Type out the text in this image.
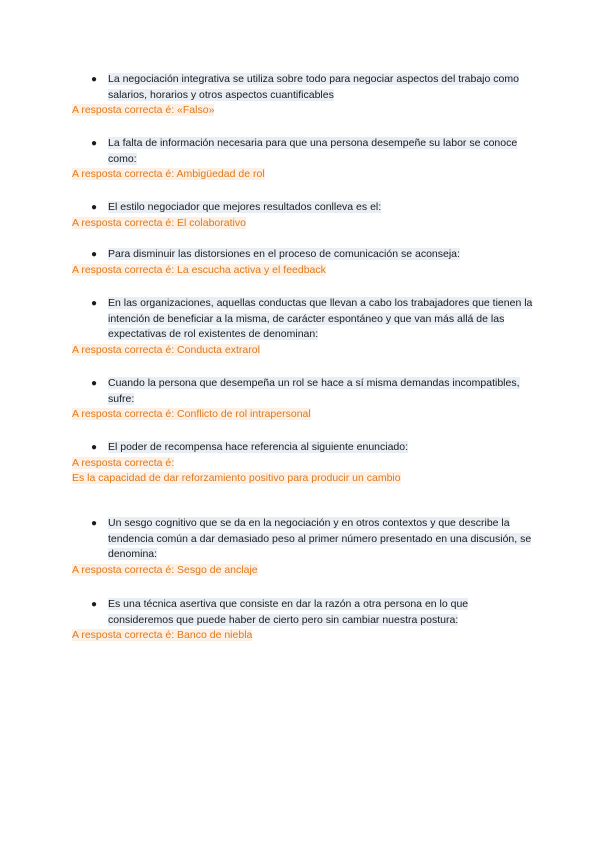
● La negociación integrativa se utiliza sobre todo para negociar aspectos del trabajo como salarios, horarios y otros aspectos cuantificables
A resposta correcta é: «Falso»
● La falta de información necesaria para que una persona desempeñe su labor se conoce como:
A resposta correcta é: Ambigüedad de rol
● El estilo negociador que mejores resultados conlleva es el:
A resposta correcta é: El colaborativo
● Para disminuir las distorsiones en el proceso de comunicación se aconseja:
A resposta correcta é: La escucha activa y el feedback
● En las organizaciones, aquellas conductas que llevan a cabo los trabajadores que tienen la intención de beneficiar a la misma, de carácter espontáneo y que van más allá de las expectativas de rol existentes de denominan:
A resposta correcta é: Conducta extrarol
● Cuando la persona que desempeña un rol se hace a sí misma demandas incompatibles, sufre:
A resposta correcta é: Conflicto de rol intrapersonal
● El poder de recompensa hace referencia al siguiente enunciado:
A resposta correcta é:
Es la capacidad de dar reforzamiento positivo para producir un cambio
● Un sesgo cognitivo que se da en la negociación y en otros contextos y que describe la tendencia común a dar demasiado peso al primer número presentado en una discusión, se denomina:
A resposta correcta é: Sesgo de anclaje
● Es una técnica asertiva que consiste en dar la razón a otra persona en lo que consideremos que puede haber de cierto pero sin cambiar nuestra postura:
A resposta correcta é: Banco de niebla
